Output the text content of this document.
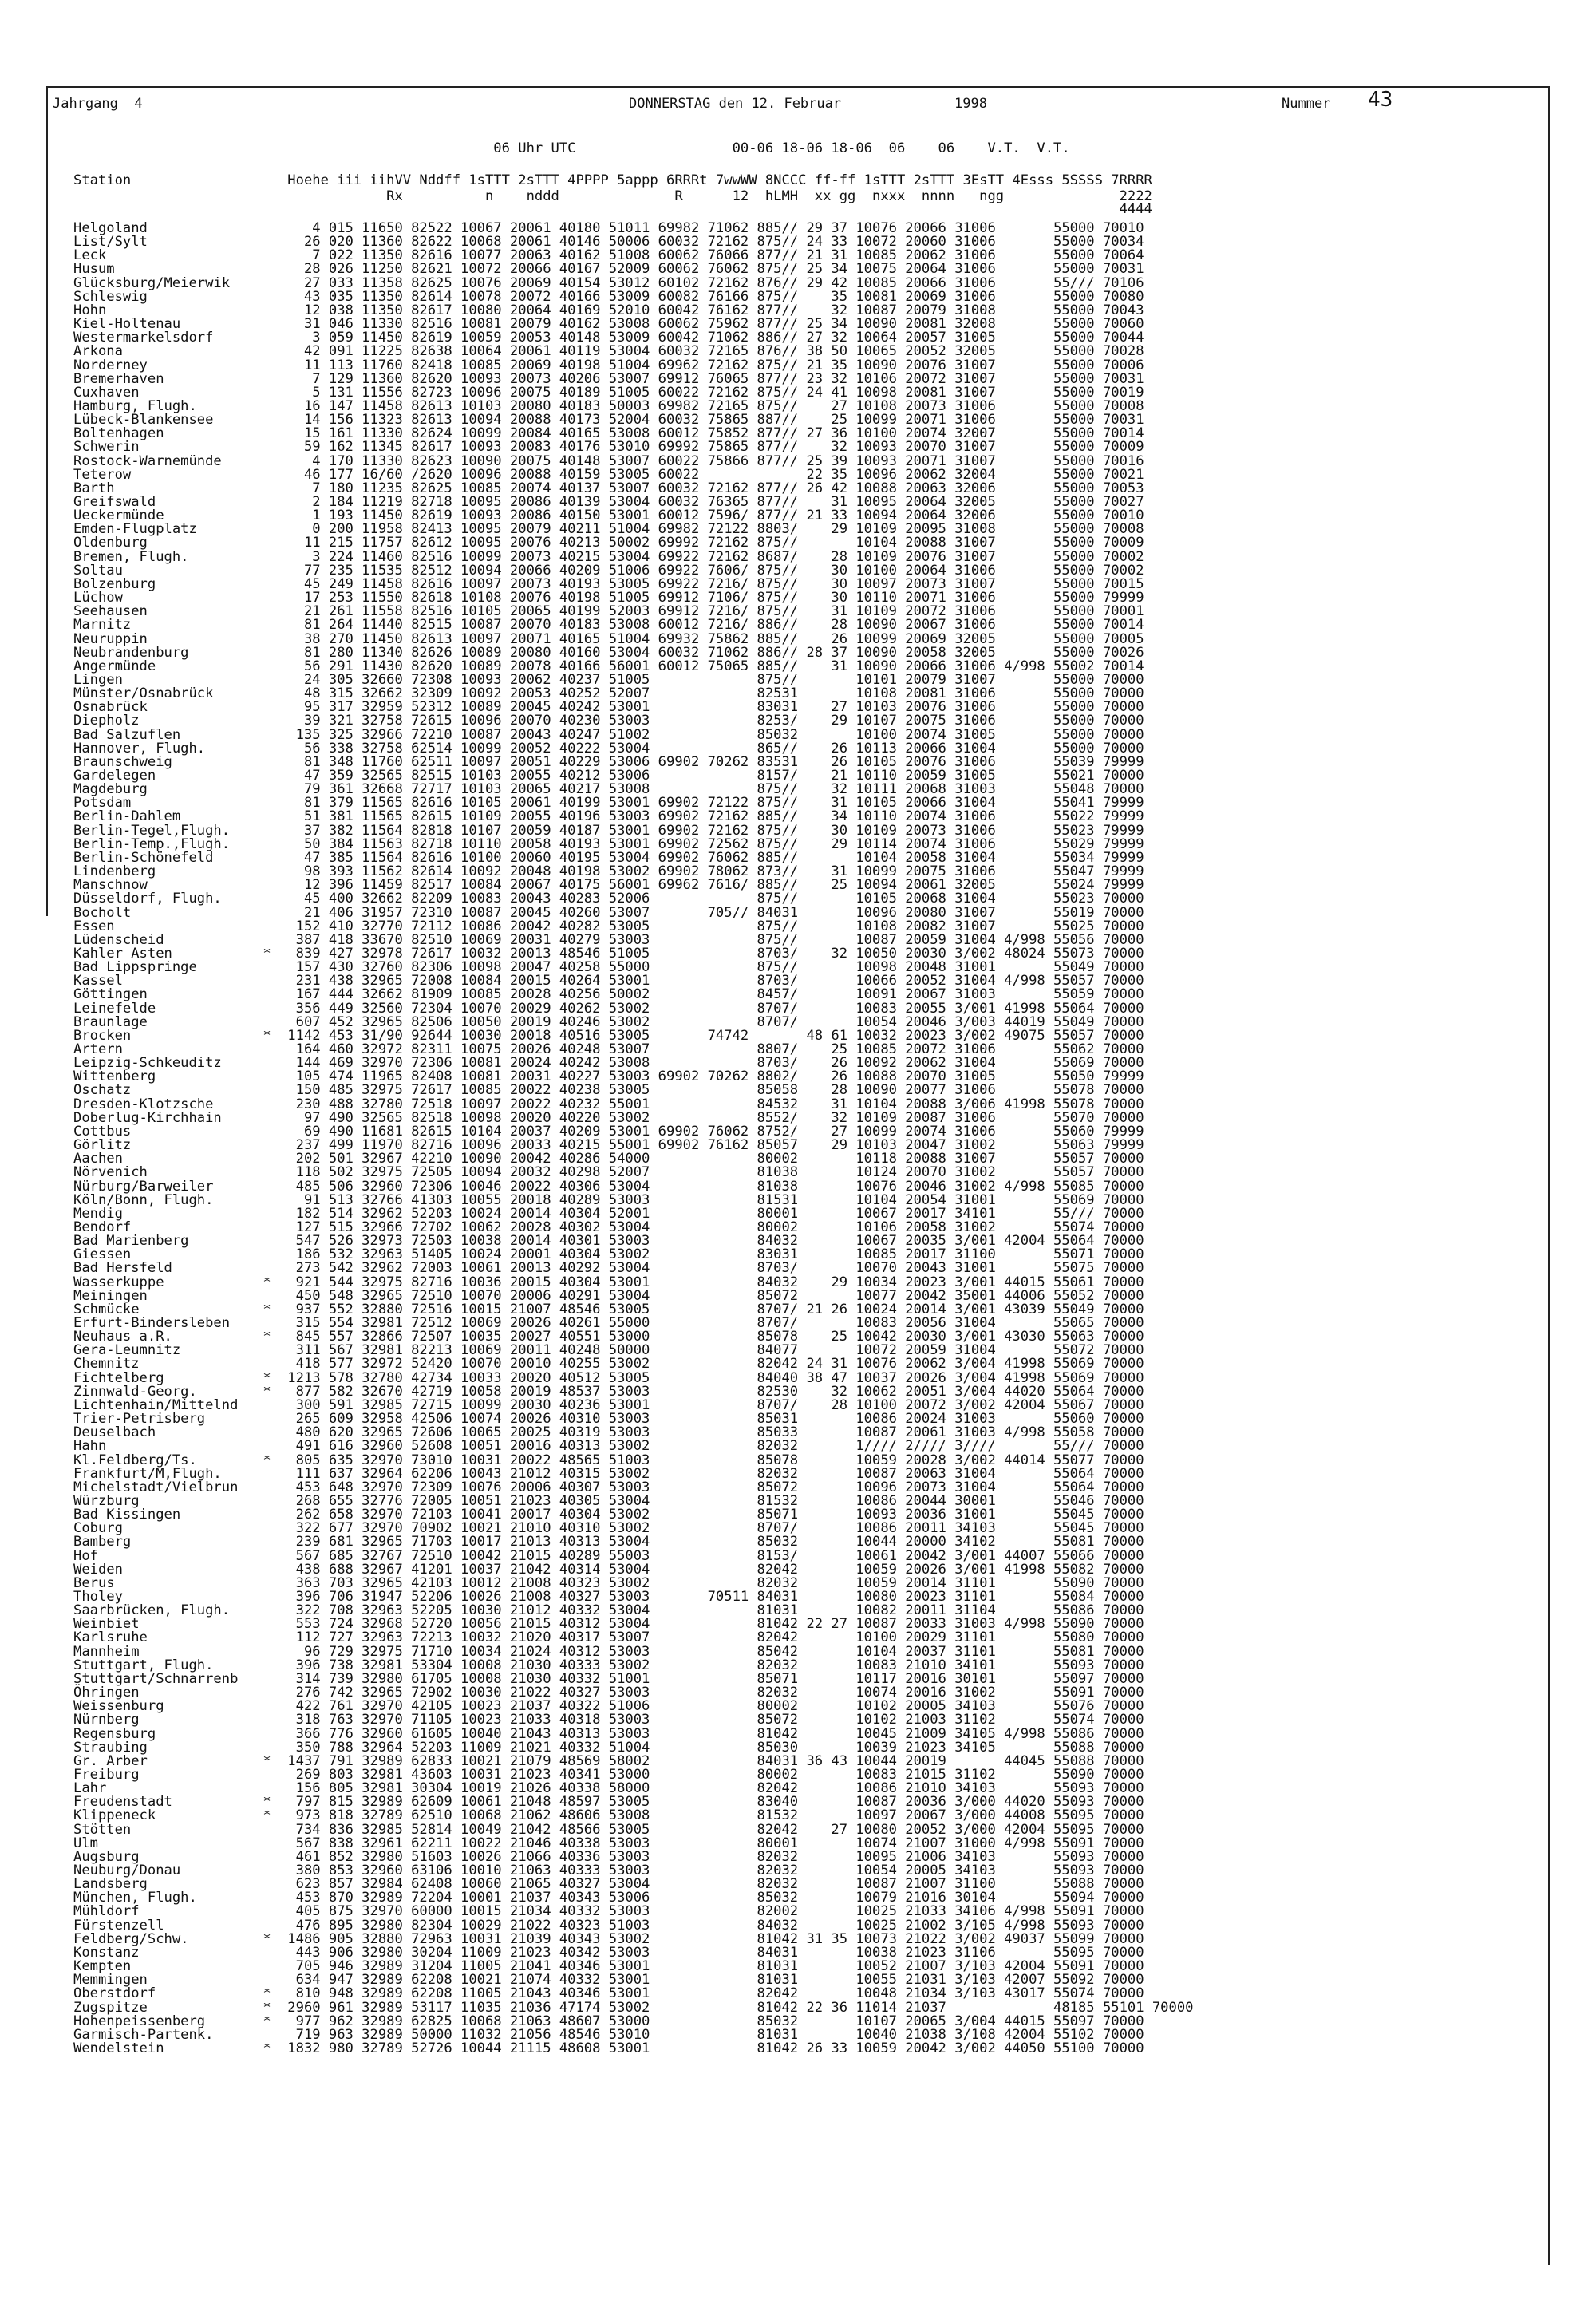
Jahrgang  4	DONNERSTAG den 12. Februar	1998	Nummer 43
06 Uhr UTC                   00-06 18-06 18-06  06    06    V.T.  V.T.
Station                   Hoehe iii iihVV Nddff 1sTTT 2sTTT 4PPPP 5appp 6RRRt 7wwWW 8NCCC ff-ff 1sTTT 2sTTT 3EsTT 4Esss 5SSSS 7RRRR
Rx          n    nddd              R      12  hLMH  xx gg  nxxx  nnnn   ngg              2222
4444
Helgoland                    4 015 11650 82522 10067 20061 40180 51011 69982 71062 885// 29 37 10076 20066 31006       55000 70010
List/Sylt                   26 020 11360 82622 10068 20061 40146 50006 60032 72162 875// 24 33 10072 20060 31006       55000 70034
Leck                         7 022 11350 82616 10077 20063 40162 51008 60062 76066 877// 21 31 10085 20062 31006       55000 70064
Husum                       28 026 11250 82621 10072 20066 40167 52009 60062 76062 875// 25 34 10075 20064 31006       55000 70031
Glücksburg/Meierwik         27 033 11358 82625 10076 20069 40154 53012 60102 72162 876// 29 42 10085 20066 31006       55/// 70106
Schleswig                   43 035 11350 82614 10078 20072 40166 53009 60082 76166 875//    35 10081 20069 31006       55000 70080
Hohn                        12 038 11350 82617 10080 20064 40169 52010 60042 76162 877//    32 10087 20079 31008       55000 70043
Kiel-Holtenau               31 046 11330 82516 10081 20079 40162 53008 60062 75962 877// 25 34 10090 20081 32008       55000 70060
Westermarkelsdorf            3 059 11450 82619 10059 20053 40148 53009 60042 71062 886// 27 32 10064 20057 31005       55000 70044
Arkona                      42 091 11225 82638 10064 20061 40119 53004 60032 72165 876// 38 50 10065 20052 32005       55000 70028
Norderney                   11 113 11760 82418 10085 20069 40198 51004 69962 72162 875// 21 35 10090 20076 31007       55000 70006
Bremerhaven                  7 129 11360 82620 10093 20073 40206 53007 69912 76065 877// 23 32 10106 20072 31007       55000 70031
Cuxhaven                     5 131 11556 82723 10096 20075 40189 51005 60022 72162 875// 24 41 10098 20081 31007       55000 70019
Hamburg, Flugh.             16 147 11458 82613 10103 20080 40183 50003 69982 72165 875//    27 10108 20073 31006       55000 70008
Lübeck-Blankensee           14 156 11323 82613 10094 20088 40173 52004 60032 75865 887//    25 10099 20071 31006       55000 70031
Boltenhagen                 15 161 11330 82624 10099 20084 40165 53008 60012 75852 877// 27 36 10100 20074 32007       55000 70014
Schwerin                    59 162 11345 82617 10093 20083 40176 53010 69992 75865 877//    32 10093 20070 31007       55000 70009
Rostock-Warnemünde           4 170 11330 82623 10090 20075 40148 53007 60022 75866 877// 25 39 10093 20071 31007       55000 70016
Teterow                     46 177 16/60 /2620 10096 20088 40159 53005 60022             22 35 10096 20062 32004       55000 70021
Barth                        7 180 11235 82625 10085 20074 40137 53007 60032 72162 877// 26 42 10088 20063 32006       55000 70053
Greifswald                   2 184 11219 82718 10095 20086 40139 53004 60032 76365 877//    31 10095 20064 32005       55000 70027
Ueckermünde                  1 193 11450 82619 10093 20086 40150 53001 60012 7596/ 877// 21 33 10094 20064 32006       55000 70010
Emden-Flugplatz              0 200 11958 82413 10095 20079 40211 51004 69982 72122 8803/    29 10109 20095 31008       55000 70008
Oldenburg                   11 215 11757 82612 10095 20076 40213 50002 69992 72162 875//       10104 20088 31007       55000 70009
Bremen, Flugh.               3 224 11460 82516 10099 20073 40215 53004 69922 72162 8687/    28 10109 20076 31007       55000 70002
Soltau                      77 235 11535 82512 10094 20066 40209 51006 69922 7606/ 875//    30 10100 20064 31006       55000 70002
Bolzenburg                  45 249 11458 82616 10097 20073 40193 53005 69922 7216/ 875//    30 10097 20073 31007       55000 70015
Lüchow                      17 253 11550 82618 10108 20076 40198 51005 69912 7106/ 875//    30 10110 20071 31006       55000 79999
Seehausen                   21 261 11558 82516 10105 20065 40199 52003 69912 7216/ 875//    31 10109 20072 31006       55000 70001
Marnitz                     81 264 11440 82515 10087 20070 40183 53008 60012 7216/ 886//    28 10090 20067 31006       55000 70014
Neuruppin                   38 270 11450 82613 10097 20071 40165 51004 69932 75862 885//    26 10099 20069 32005       55000 70005
Neubrandenburg              81 280 11340 82626 10089 20080 40160 53004 60032 71062 886// 28 37 10090 20058 32005       55000 70026
Angermünde                  56 291 11430 82620 10089 20078 40166 56001 60012 75065 885//    31 10090 20066 31006 4/998 55002 70014
Lingen                      24 305 32660 72308 10093 20062 40237 51005             875//       10101 20079 31007       55000 70000
Münster/Osnabrück           48 315 32662 32309 10092 20053 40252 52007             82531       10108 20081 31006       55000 70000
Osnabrück                   95 317 32959 52312 10089 20045 40242 53001             83031    27 10103 20076 31006       55000 70000
Diepholz                    39 321 32758 72615 10096 20070 40230 53003             8253/    29 10107 20075 31006       55000 70000
Bad Salzuflen              135 325 32966 72210 10087 20043 40247 51002             85032       10100 20074 31005       55000 70000
Hannover, Flugh.            56 338 32758 62514 10099 20052 40222 53004             865//    26 10113 20066 31004       55000 70000
Braunschweig                81 348 11760 62511 10097 20051 40229 53006 69902 70262 83531    26 10105 20076 31006       55039 79999
Gardelegen                  47 359 32565 82515 10103 20055 40212 53006             8157/    21 10110 20059 31005       55021 70000
Magdeburg                   79 361 32668 72717 10103 20065 40217 53008             875//    32 10111 20068 31003       55048 70000
Potsdam                     81 379 11565 82616 10105 20061 40199 53001 69902 72122 875//    31 10105 20066 31004       55041 79999
Berlin-Dahlem               51 381 11565 82615 10109 20055 40196 53003 69902 72162 885//    34 10110 20074 31006       55022 79999
Berlin-Tegel,Flugh.         37 382 11564 82818 10107 20059 40187 53001 69902 72162 875//    30 10109 20073 31006       55023 79999
Berlin-Temp.,Flugh.         50 384 11563 82718 10110 20058 40193 53001 69902 72562 875//    29 10114 20074 31006       55029 79999
Berlin-Schönefeld           47 385 11564 82616 10100 20060 40195 53004 69902 76062 885//       10104 20058 31004       55034 79999
Lindenberg                  98 393 11562 82614 10092 20048 40198 53002 69902 78062 873//    31 10099 20075 31006       55047 79999
Manschnow                   12 396 11459 82517 10084 20067 40175 56001 69962 7616/ 885//    25 10094 20061 32005       55024 79999
Düsseldorf, Flugh.          45 400 32662 82209 10083 20043 40283 52006             875//       10105 20068 31004       55023 70000
Bocholt                     21 406 31957 72310 10087 20045 40260 53007       705// 84031       10096 20080 31007       55019 70000
Essen                      152 410 32770 72112 10086 20042 40282 53005             875//       10108 20082 31007       55025 70000
Lüdenscheid                387 418 33670 82510 10069 20031 40279 53003             875//       10087 20059 31004 4/998 55056 70000
Kahler Asten           *   839 427 32978 72617 10032 20013 48546 51005             8703/    32 10050 20030 3/002 48024 55073 70000
Bad Lippspringe            157 430 32760 82306 10098 20047 40258 55000             875//       10098 20048 31001       55049 70000
Kassel                     231 438 32965 72008 10084 20015 40264 53001             8703/       10066 20052 31004 4/998 55057 70000
Göttingen                  167 444 32662 81909 10085 20028 40256 50002             8457/       10091 20067 31003       55059 70000
Leinefelde                 356 449 32560 72304 10070 20029 40262 53002             8707/       10083 20055 3/001 41998 55064 70000
Braunlage                  607 452 32965 82506 10050 20019 40246 53002             8707/       10054 20046 3/003 44019 55049 70000
Brocken                *  1142 453 31/90 92644 10030 20018 40516 53005       74742       48 61 10032 20023 3/002 49075 55057 70000
Artern                     164 460 32972 82311 10075 20026 40248 53007             8807/    25 10085 20072 31006       55062 70000
Leipzig-Schkeuditz         144 469 32970 72306 10081 20024 40242 53008             8703/    26 10092 20062 31004       55069 70000
Wittenberg                 105 474 11965 82408 10081 20031 40227 53003 69902 70262 8802/    26 10088 20070 31005       55050 79999
Oschatz                    150 485 32975 72617 10085 20022 40238 53005             85058    28 10090 20077 31006       55078 70000
Dresden-Klotzsche          230 488 32780 72518 10097 20022 40232 55001             84532    31 10104 20088 3/006 41998 55078 70000
Doberlug-Kirchhain          97 490 32565 82518 10098 20020 40220 53002             8552/    32 10109 20087 31006       55070 70000
Cottbus                     69 490 11681 82615 10104 20037 40209 53001 69902 76062 8752/    27 10099 20074 31006       55060 79999
Görlitz                    237 499 11970 82716 10096 20033 40215 55001 69902 76162 85057    29 10103 20047 31002       55063 79999
Aachen                     202 501 32967 42210 10090 20042 40286 54000             80002       10118 20088 31007       55057 70000
Nörvenich                  118 502 32975 72505 10094 20032 40298 52007             81038       10124 20070 31002       55057 70000
Nürburg/Barweiler          485 506 32960 72306 10046 20022 40306 53004             81038       10076 20046 31002 4/998 55085 70000
Köln/Bonn, Flugh.           91 513 32766 41303 10055 20018 40289 53003             81531       10104 20054 31001       55069 70000
Mendig                     182 514 32962 52203 10024 20014 40304 52001             80001       10067 20017 34101       55/// 70000
Bendorf                    127 515 32966 72702 10062 20028 40302 53004             80002       10106 20058 31002       55074 70000
Bad Marienberg             547 526 32973 72503 10038 20014 40301 53003             84032       10067 20035 3/001 42004 55064 70000
Giessen                    186 532 32963 51405 10024 20001 40304 53002             83031       10085 20017 31100       55071 70000
Bad Hersfeld               273 542 32962 72003 10061 20013 40292 53004             8703/       10070 20043 31001       55075 70000
Wasserkuppe            *   921 544 32975 82716 10036 20015 40304 53001             84032    29 10034 20023 3/001 44015 55061 70000
Meiningen                  450 548 32965 72510 10070 20006 40291 53004             85072       10077 20042 35001 44006 55052 70000
Schmücke               *   937 552 32880 72516 10015 21007 48546 53005             8707/ 21 26 10024 20014 3/001 43039 55049 70000
Erfurt-Bindersleben        315 554 32981 72512 10069 20026 40261 55000             8707/       10083 20056 31004       55065 70000
Neuhaus a.R.           *   845 557 32866 72507 10035 20027 40551 53000             85078    25 10042 20030 3/001 43030 55063 70000
Gera-Leumnitz              311 567 32981 82213 10069 20011 40248 50000             84077       10072 20059 31004       55072 70000
Chemnitz                   418 577 32972 52420 10070 20010 40255 53002             82042 24 31 10076 20062 3/004 41998 55069 70000
Fichtelberg            *  1213 578 32780 42734 10033 20020 40512 53005             84040 38 47 10037 20026 3/004 41998 55069 70000
Zinnwald-Georg.        *   877 582 32670 42719 10058 20019 48537 53003             82530    32 10062 20051 3/004 44020 55064 70000
Lichtenhain/Mittelnd       300 591 32985 72715 10099 20030 40236 53001             8707/    28 10100 20072 3/002 42004 55067 70000
Trier-Petrisberg           265 609 32958 42506 10074 20026 40310 53003             85031       10086 20024 31003       55060 70000
Deuselbach                 480 620 32965 72606 10065 20025 40319 53003             85033       10087 20061 31003 4/998 55058 70000
Hahn                       491 616 32960 52608 10051 20016 40313 53002             82032       1//// 2//// 3////       55/// 70000
Kl.Feldberg/Ts.        *   805 635 32970 73010 10031 20022 48565 51003             85078       10059 20028 3/002 44014 55077 70000
Frankfurt/M,Flugh.         111 637 32964 62206 10043 21012 40315 53002             82032       10087 20063 31004       55064 70000
Michelstadt/Vielbrun       453 648 32970 72309 10076 20006 40307 53003             85072       10096 20073 31004       55064 70000
Würzburg                   268 655 32776 72005 10051 21023 40305 53004             81532       10086 20044 30001       55046 70000
Bad Kissingen              262 658 32970 72103 10041 20017 40304 53002             85071       10093 20036 31001       55045 70000
Coburg                     322 677 32970 70902 10021 21010 40310 53002             8707/       10086 20011 34103       55045 70000
Bamberg                    239 681 32965 71703 10017 21013 40313 53004             85032       10044 20000 34102       55081 70000
Hof                        567 685 32767 72510 10042 21015 40289 55003             8153/       10061 20042 3/001 44007 55066 70000
Weiden                     438 688 32967 41201 10037 21042 40314 53004             82042       10059 20026 3/001 41998 55082 70000
Berus                      363 703 32965 42103 10012 21008 40323 53002             82032       10059 20014 31101       55090 70000
Tholey                     396 706 31947 52206 10026 21008 40327 53003       70511 84031       10080 20023 31101       55084 70000
Saarbrücken, Flugh.        322 708 32963 52205 10030 21012 40332 53004             81031       10082 20011 31104       55086 70000
Weinbiet                   553 724 32968 52720 10056 21015 40312 53004             81042 22 27 10087 20033 31003 4/998 55090 70000
Karlsruhe                  112 727 32963 72213 10032 21020 40317 53007             82042       10100 20029 31101       55080 70000
Mannheim                    96 729 32975 71710 10034 21024 40312 53003             85042       10104 20037 31101       55081 70000
Stuttgart, Flugh.          396 738 32981 53304 10008 21030 40333 53002             82032       10083 21010 34101       55093 70000
Stuttgart/Schnarrenb       314 739 32980 61705 10008 21030 40332 51001             85071       10117 20016 30101       55097 70000
Öhringen                   276 742 32965 72902 10030 21022 40327 53003             82032       10074 20016 31002       55091 70000
Weissenburg                422 761 32970 42105 10023 21037 40322 51006             80002       10102 20005 34103       55076 70000
Nürnberg                   318 763 32970 71105 10023 21033 40318 53003             85072       10102 21003 31102       55074 70000
Regensburg                 366 776 32960 61605 10040 21043 40313 53003             81042       10045 21009 34105 4/998 55086 70000
Straubing                  350 788 32964 52203 11009 21021 40332 51004             85030       10039 21023 34105       55088 70000
Gr. Arber              *  1437 791 32989 62833 10021 21079 48569 58002             84031 36 43 10044 20019       44045 55088 70000
Freiburg                   269 803 32981 43603 10031 21023 40341 53000             80002       10083 21015 31102       55090 70000
Lahr                       156 805 32981 30304 10019 21026 40338 58000             82042       10086 21010 34103       55093 70000
Freudenstadt           *   797 815 32989 62609 10061 21048 48597 53005             83040       10087 20036 3/000 44020 55093 70000
Klippeneck             *   973 818 32789 62510 10068 21062 48606 53008             81532       10097 20067 3/000 44008 55095 70000
Stötten                    734 836 32985 52814 10049 21042 48566 53005             82042    27 10080 20052 3/000 42004 55095 70000
Ulm                        567 838 32961 62211 10022 21046 40338 53003             80001       10074 21007 31000 4/998 55091 70000
Augsburg                   461 852 32980 51603 10026 21066 40336 53003             82032       10095 21006 34103       55093 70000
Neuburg/Donau              380 853 32960 63106 10010 21063 40333 53003             82032       10054 20005 34103       55093 70000
Landsberg                  623 857 32984 62408 10060 21065 40327 53004             82032       10087 21007 31100       55088 70000
München, Flugh.            453 870 32989 72204 10001 21037 40343 53006             85032       10079 21016 30104       55094 70000
Mühldorf                   405 875 32970 60000 10015 21034 40332 53003             82002       10025 21033 34106 4/998 55091 70000
Fürstenzell                476 895 32980 82304 10029 21022 40323 51003             84032       10025 21002 3/105 4/998 55093 70000
Feldberg/Schw.         *  1486 905 32880 72963 10031 21039 40343 53002             81042 31 35 10073 21022 3/002 49037 55099 70000
Konstanz                   443 906 32980 30204 11009 21023 40342 53003             84031       10038 21023 31106       55095 70000
Kempten                    705 946 32989 31204 11005 21041 40346 53001             81031       10052 21007 3/103 42004 55091 70000
Memmingen                  634 947 32989 62208 10021 21074 40332 53001             81031       10055 21031 3/103 42007 55092 70000
Oberstdorf             *   810 948 32989 62208 11005 21043 40346 53001             82042       10048 21034 3/103 43017 55074 70000
Zugspitze              *  2960 961 32989 53117 11035 21036 47174 53002             81042 22 36 11014 21037             48185 55101 70000
Hohenpeissenberg       *   977 962 32989 62825 10068 21063 48607 53000             85032       10107 20065 3/004 44015 55097 70000
Garmisch-Partenk.          719 963 32989 50000 11032 21056 48546 53010             81031       10040 21038 3/108 42004 55102 70000
Wendelstein            *  1832 980 32789 52726 10044 21115 48608 53001             81042 26 33 10059 20042 3/002 44050 55100 70000
